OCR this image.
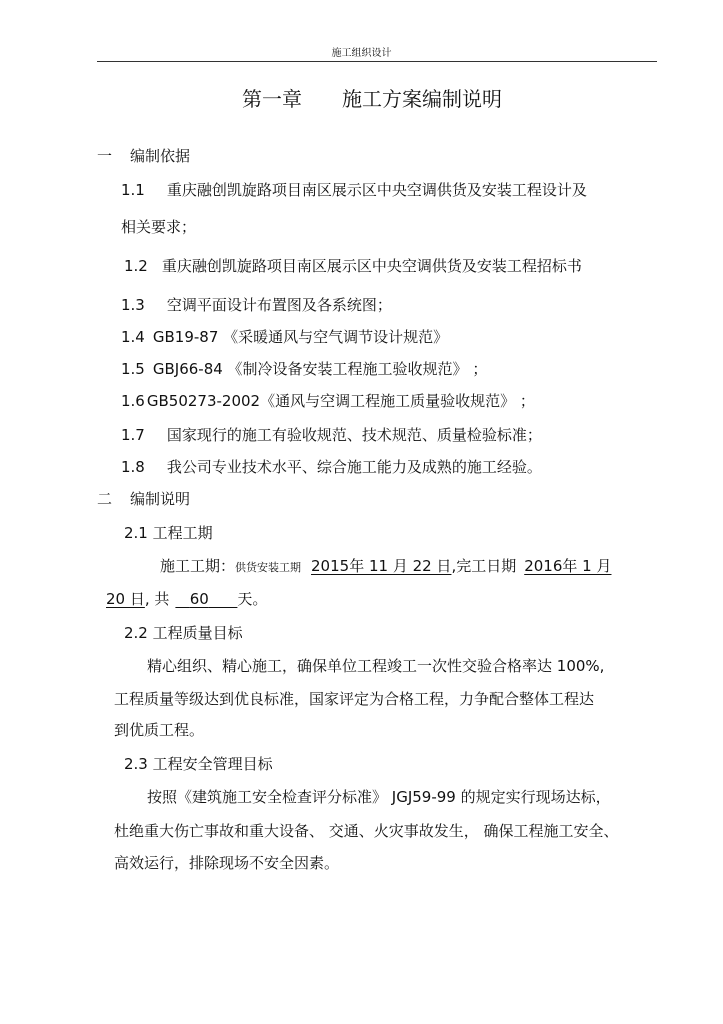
施工组织设计
第一章 施工方案编制说明
一 编制依据
1.1 重庆融创凯旋路项目南区展示区中央空调供货及安装工程设计及
相关要求；
1.2 重庆融创凯旋路项目南区展示区中央空调供货及安装工程招标书
1.3 空调平面设计布置图及各系统图；
1.4 GB19-87 《采暖通风与空气调节设计规范》
1.5 GBJ66-84 《制冷设备安装工程施工验收规范》 ；
1.6 GB50273-2002《通风与空调工程施工质量验收规范》 ；
1.7 国家现行的施工有验收规范、技术规范、质量检验标准；
1.8 我公司专业技术水平、综合施工能力及成熟的施工经验。
二 编制说明
2.1 工程工期
施工工期：供货安装工期 2015年 11 月 22 日,完工日期 2016年 1 月
20 日, 共 60 天。
2.2 工程质量目标
精心组织、精心施工，确保单位工程竣工一次性交验合格率达 100%,
工程质量等级达到优良标准，国家评定为合格工程，力争配合整体工程达
到优质工程。
2.3 工程安全管理目标
按照《建筑施工安全检查评分标准》 JGJ59-99 的规定实行现场达标，
杜绝重大伤亡事故和重大设备、 交通、火灾事故发生， 确保工程施工安全、
高效运行，排除现场不安全因素。
